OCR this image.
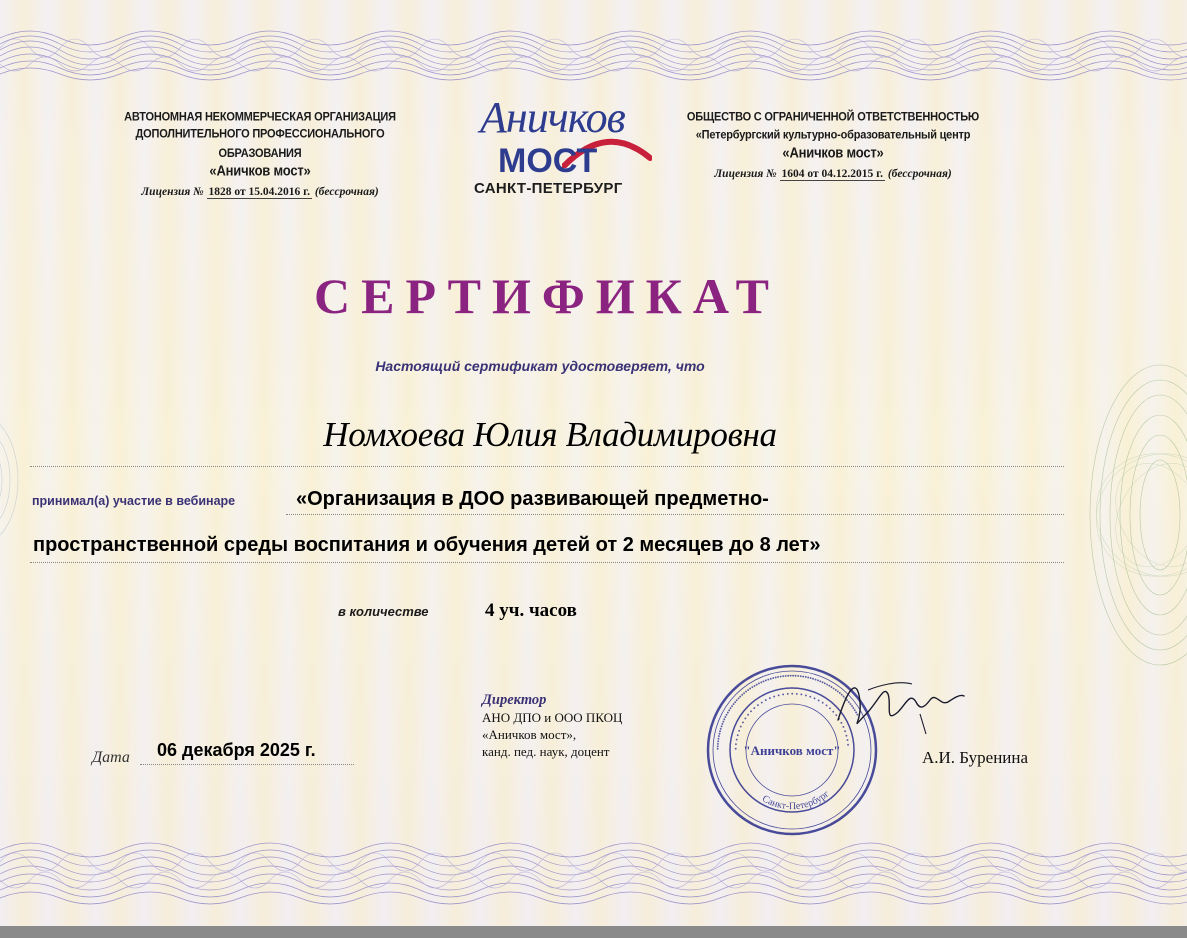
АВТОНОМНАЯ НЕКОММЕРЧЕСКАЯ ОРГАНИЗАЦИЯ
ДОПОЛНИТЕЛЬНОГО ПРОФЕССИОНАЛЬНОГО ОБРАЗОВАНИЯ
«Аничков мост»
Лицензия № 1828 от 15.04.2016 г. (бессрочная)
Аничков
МОСТ
САНКТ-ПЕТЕРБУРГ
ОБЩЕСТВО С ОГРАНИЧЕННОЙ ОТВЕТСТВЕННОСТЬЮ
«Петербургский культурно-образовательный центр
«Аничков мост»
Лицензия № 1604 от 04.12.2015 г. (бессрочная)
СЕРТИФИКАТ
Настоящий сертификат удостоверяет, что
Номхоева Юлия Владимировна
принимал(а) участие в вебинаре	«Организация в ДОО развивающей предметно-
пространственной среды воспитания и обучения детей от 2 месяцев до 8 лет»
в количестве	4 уч. часов
Директор
АНО ДПО и ООО ПКОЦ
«Аничков мост»,
канд. пед. наук, доцент
Дата 06 декабря 2025 г.	••••••••••••••••••••••••••••••••••••••••••••••••••••••••••••••••••••••••••••••
• • • • • • • • • • • • • • • • • • • • • • • • • • • • • • • • • • • • • •
"Аничков мост"
Санкт-Петербург
А.И. Буренина
